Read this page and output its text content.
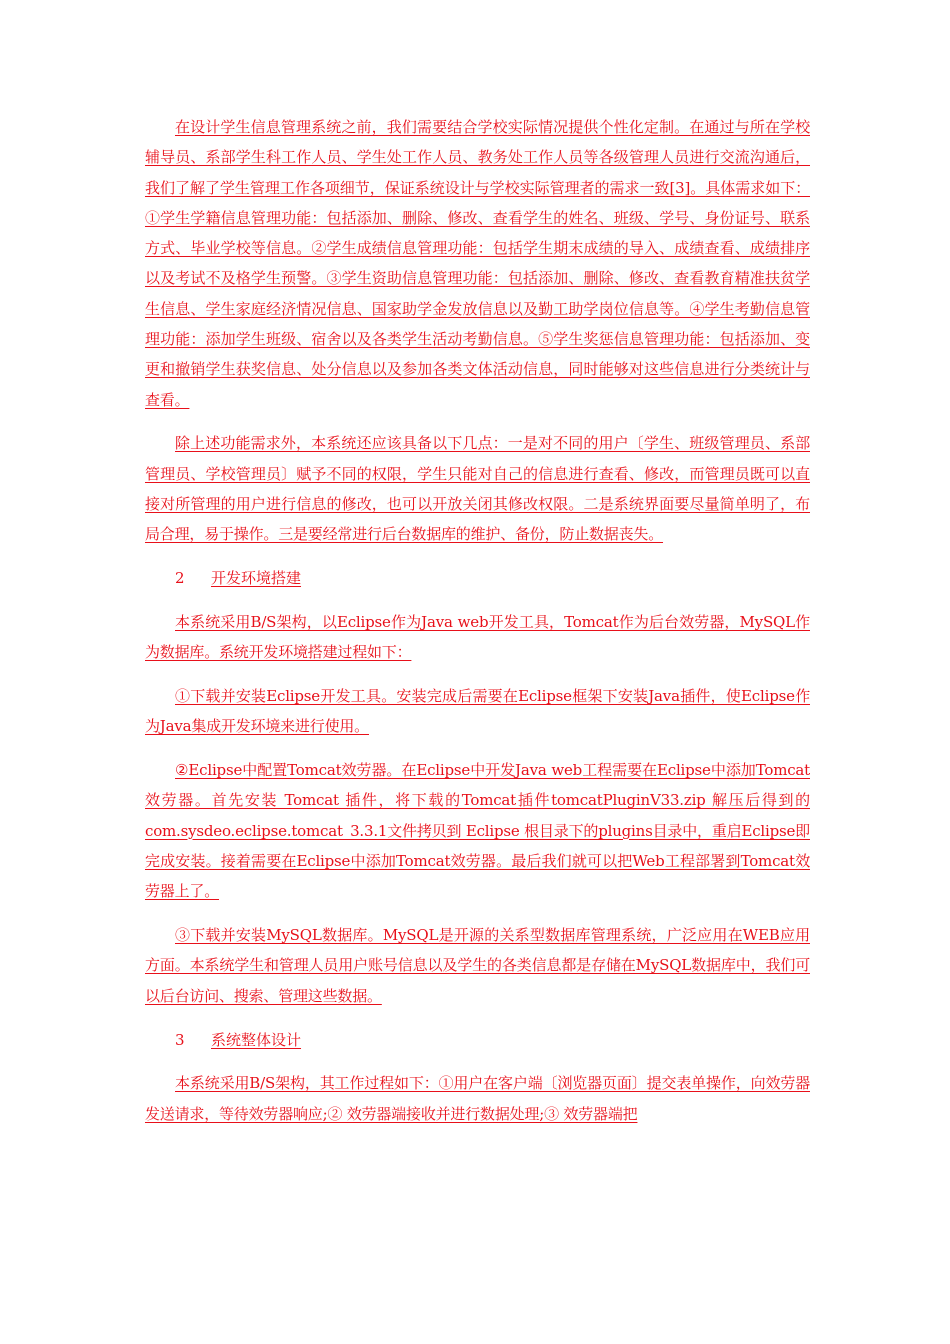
在设计学生信息管理系统之前，我们需要结合学校实际情况提供个性化定制。在通过与所在学校辅导员、系部学生科工作人员、学生处工作人员、教务处工作人员等各级管理人员进行交流沟通后，我们了解了学生管理工作各项细节，保证系统设计与学校实际管理者的需求一致[3]。具体需求如下：①学生学籍信息管理功能：包括添加、删除、修改、查看学生的姓名、班级、学号、身份证号、联系方式、毕业学校等信息。②学生成绩信息管理功能：包括学生期末成绩的导入、成绩查看、成绩排序以及考试不及格学生预警。③学生资助信息管理功能：包括添加、删除、修改、查看教育精准扶贫学生信息、学生家庭经济情况信息、国家助学金发放信息以及勤工助学岗位信息等。④学生考勤信息管理功能：添加学生班级、宿舍以及各类学生活动考勤信息。⑤学生奖惩信息管理功能：包括添加、变更和撤销学生获奖信息、处分信息以及参加各类文体活动信息，同时能够对这些信息进行分类统计与查看。

除上述功能需求外，本系统还应该具备以下几点：一是对不同的用户〔学生、班级管理员、系部管理员、学校管理员〕赋予不同的权限，学生只能对自己的信息进行查看、修改，而管理员既可以直接对所管理的用户进行信息的修改，也可以开放关闭其修改权限。二是系统界面要尽量简单明了，布局合理，易于操作。三是要经常进行后台数据库的维护、备份，防止数据丧失。

2 开发环境搭建

本系统采用B/S架构，以Eclipse作为Java web开发工具，Tomcat作为后台效劳器，MySQL作为数据库。系统开发环境搭建过程如下：

①下载并安装Eclipse开发工具。安装完成后需要在Eclipse框架下安装Java插件，使Eclipse作为Java集成开发环境来进行使用。

②Eclipse中配置Tomcat效劳器。在Eclipse中开发Java web工程需要在Eclipse中添加Tomcat效劳器。首先安装 Tomcat 插件，将下载的Tomcat插件tomcatPluginV33.zip 解压后得到的com.sysdeo.eclipse.tomcat_3.3.1文件拷贝到 Eclipse 根目录下的plugins目录中，重启Eclipse即完成安装。接着需要在Eclipse中添加Tomcat效劳器。最后我们就可以把Web工程部署到Tomcat效劳器上了。

③下载并安装MySQL数据库。MySQL是开源的关系型数据库管理系统，广泛应用在WEB应用方面。本系统学生和管理人员用户账号信息以及学生的各类信息都是存储在MySQL数据库中，我们可以后台访问、搜索、管理这些数据。

3 系统整体设计

本系统采用B/S架构，其工作过程如下：①用户在客户端〔浏览器页面〕提交表单操作，向效劳器发送请求，等待效劳器响应;② 效劳器端接收并进行数据处理;③ 效劳器端把
